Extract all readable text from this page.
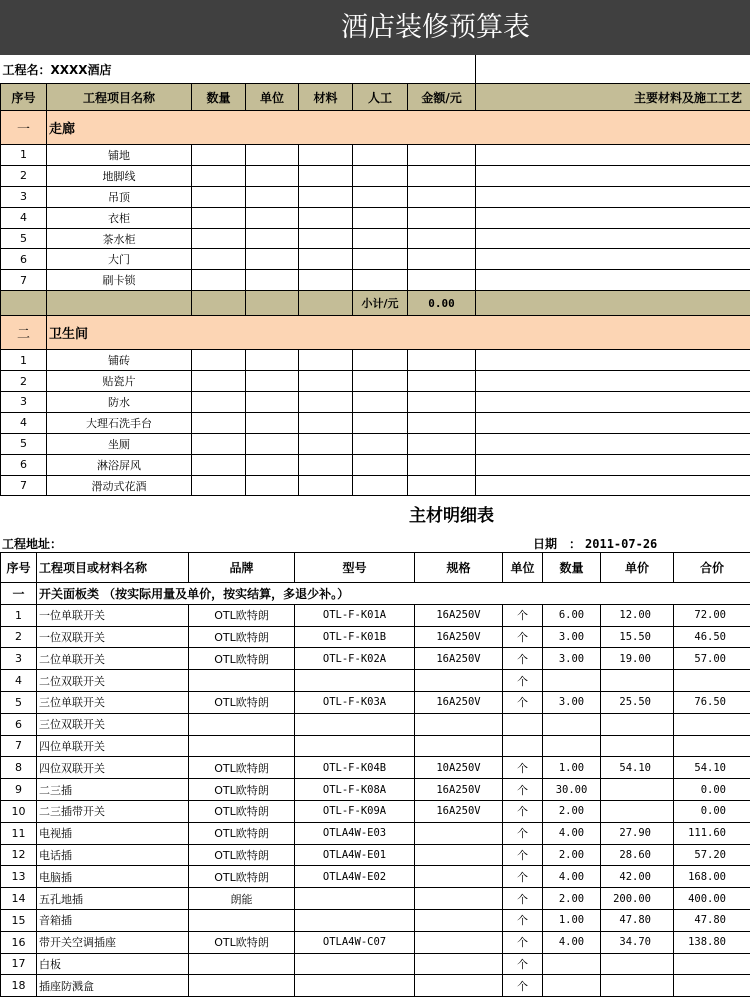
酒店装修预算表
工程名：XXXX酒店							
序号	工程项目名称	数量	单位	材料	人工	金额/元	主要材料及施工工艺
一	走廊						
1	铺地						
2	地脚线						
3	吊顶						
4	衣柜						
5	茶水柜						
6	大门						
7	刷卡锁						
					小计/元	0.00	
二	卫生间						
1	铺砖						
2	贴瓷片						
3	防水						
4	大理石洗手台						
5	坐厕						
6	淋浴屏风						
7	滑动式花酒						
主材明细表
工程地址：	日期　： 2011-07-26
序号	工程项目或材料名称	品牌	型号	规格	单位	数量	单价	合价
一	开关面板类 （按实际用量及单价，按实结算，多退少补。）							
1	一位单联开关	OTL欧特朗	OTL-F-K01A	16A250V	个	6.00	12.00	72.00
2	一位双联开关	OTL欧特朗	OTL-F-K01B	16A250V	个	3.00	15.50	46.50
3	二位单联开关	OTL欧特朗	OTL-F-K02A	16A250V	个	3.00	19.00	57.00
4	二位双联开关				个			
5	三位单联开关	OTL欧特朗	OTL-F-K03A	16A250V	个	3.00	25.50	76.50
6	三位双联开关							
7	四位单联开关							
8	四位双联开关	OTL欧特朗	OTL-F-K04B	10A250V	个	1.00	54.10	54.10
9	二三插	OTL欧特朗	OTL-F-K08A	16A250V	个	30.00		0.00
10	二三插带开关	OTL欧特朗	OTL-F-K09A	16A250V	个	2.00		0.00
11	电视插	OTL欧特朗	OTLA4W-E03		个	4.00	27.90	111.60
12	电话插	OTL欧特朗	OTLA4W-E01		个	2.00	28.60	57.20
13	电脑插	OTL欧特朗	OTLA4W-E02		个	4.00	42.00	168.00
14	五孔地插	朗能			个	2.00	200.00	400.00
15	音箱插				个	1.00	47.80	47.80
16	带开关空调插座	OTL欧特朗	OTLA4W-C07		个	4.00	34.70	138.80
17	白板				个			
18	插座防溅盒				个			
